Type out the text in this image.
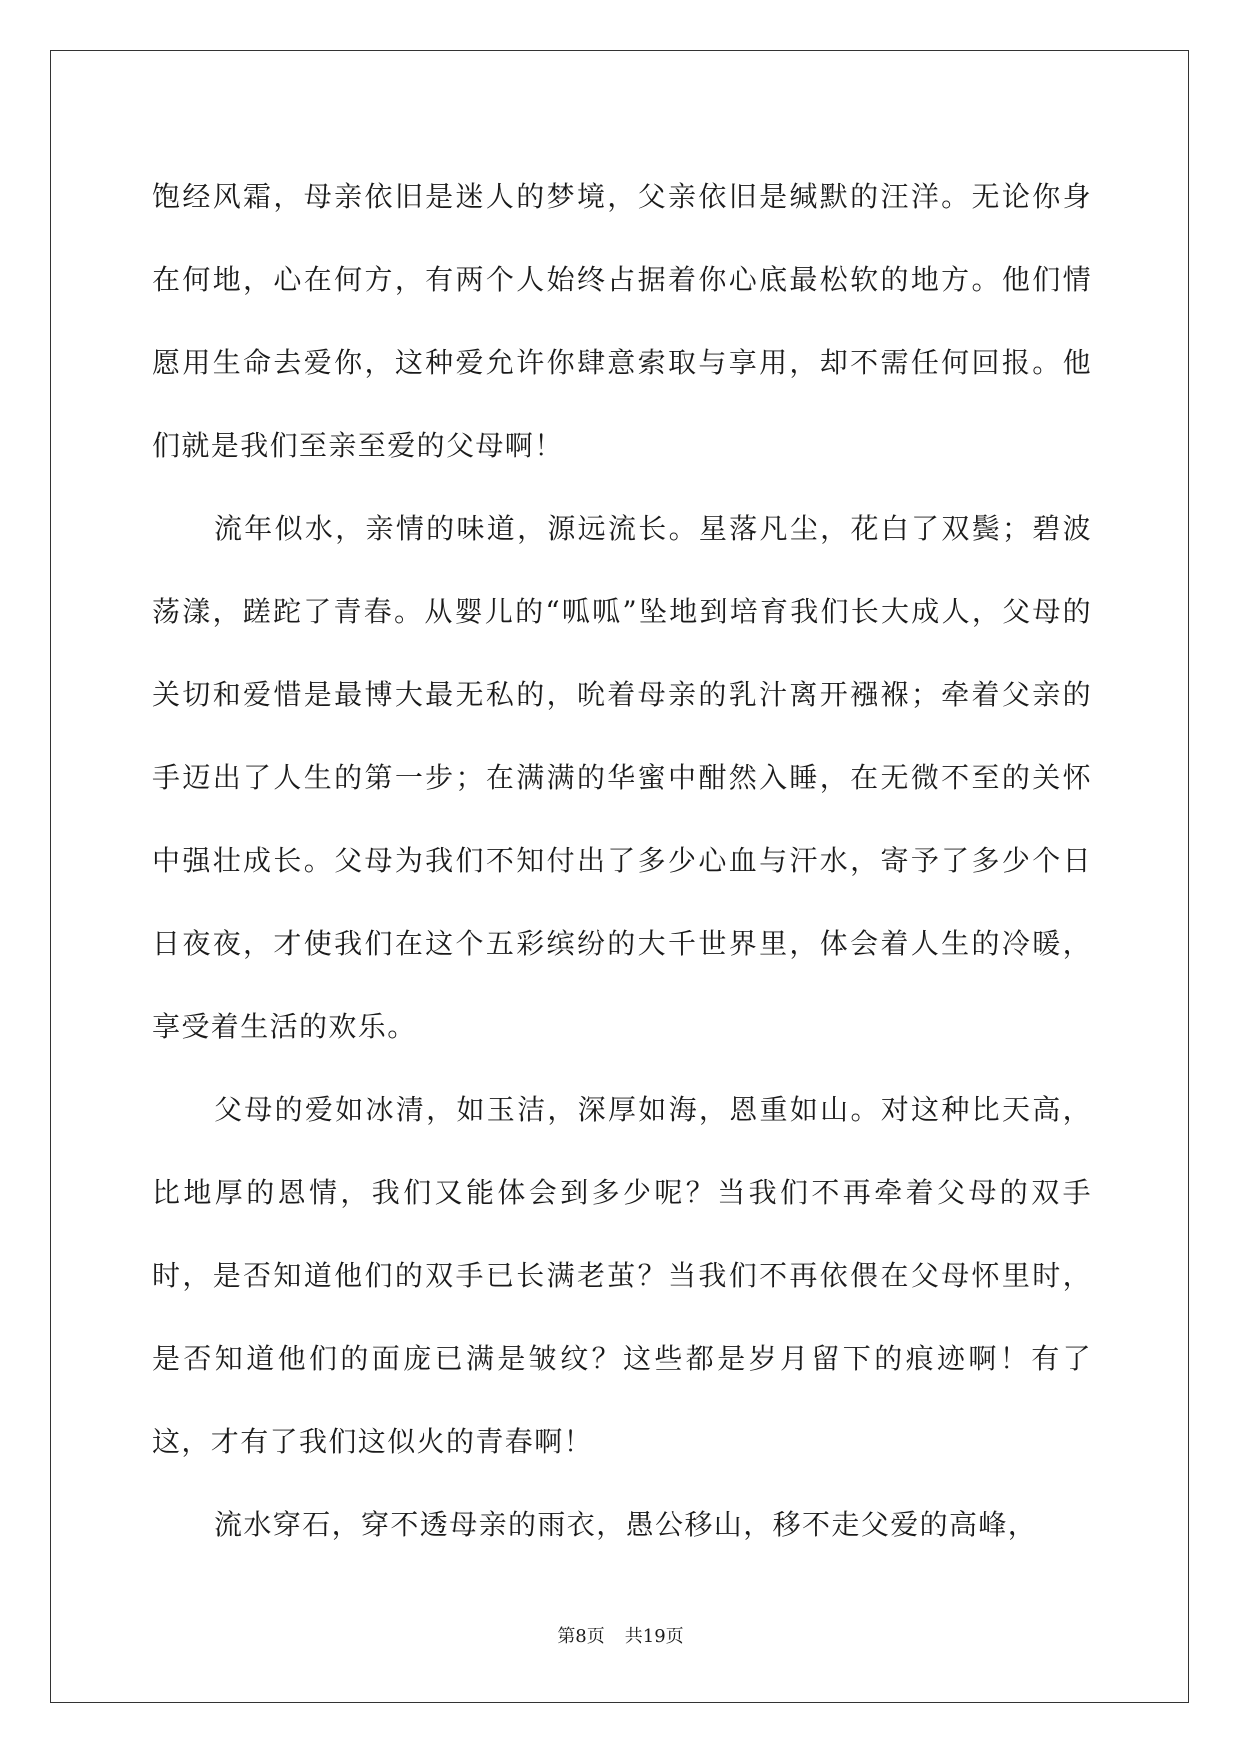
饱经风霜，母亲依旧是迷人的梦境，父亲依旧是缄默的汪洋。无论你身在何地，心在何方，有两个人始终占据着你心底最松软的地方。他们情愿用生命去爱你，这种爱允许你肆意索取与享用，却不需任何回报。他们就是我们至亲至爱的父母啊！

流年似水，亲情的味道，源远流长。星落凡尘，花白了双鬓；碧波荡漾，蹉跎了青春。从婴儿的“呱呱”坠地到培育我们长大成人，父母的关切和爱惜是最博大最无私的，吮着母亲的乳汁离开襁褓；牵着父亲的手迈出了人生的第一步；在满满的华蜜中酣然入睡，在无微不至的关怀中强壮成长。父母为我们不知付出了多少心血与汗水，寄予了多少个日日夜夜，才使我们在这个五彩缤纷的大千世界里，体会着人生的冷暖，享受着生活的欢乐。

父母的爱如冰清，如玉洁，深厚如海，恩重如山。对这种比天高，比地厚的恩情，我们又能体会到多少呢？当我们不再牵着父母的双手时，是否知道他们的双手已长满老茧？当我们不再依偎在父母怀里时，是否知道他们的面庞已满是皱纹？这些都是岁月留下的痕迹啊！有了这，才有了我们这似火的青春啊！

流水穿石，穿不透母亲的雨衣，愚公移山，移不走父爱的高峰，

第8页 共19页
